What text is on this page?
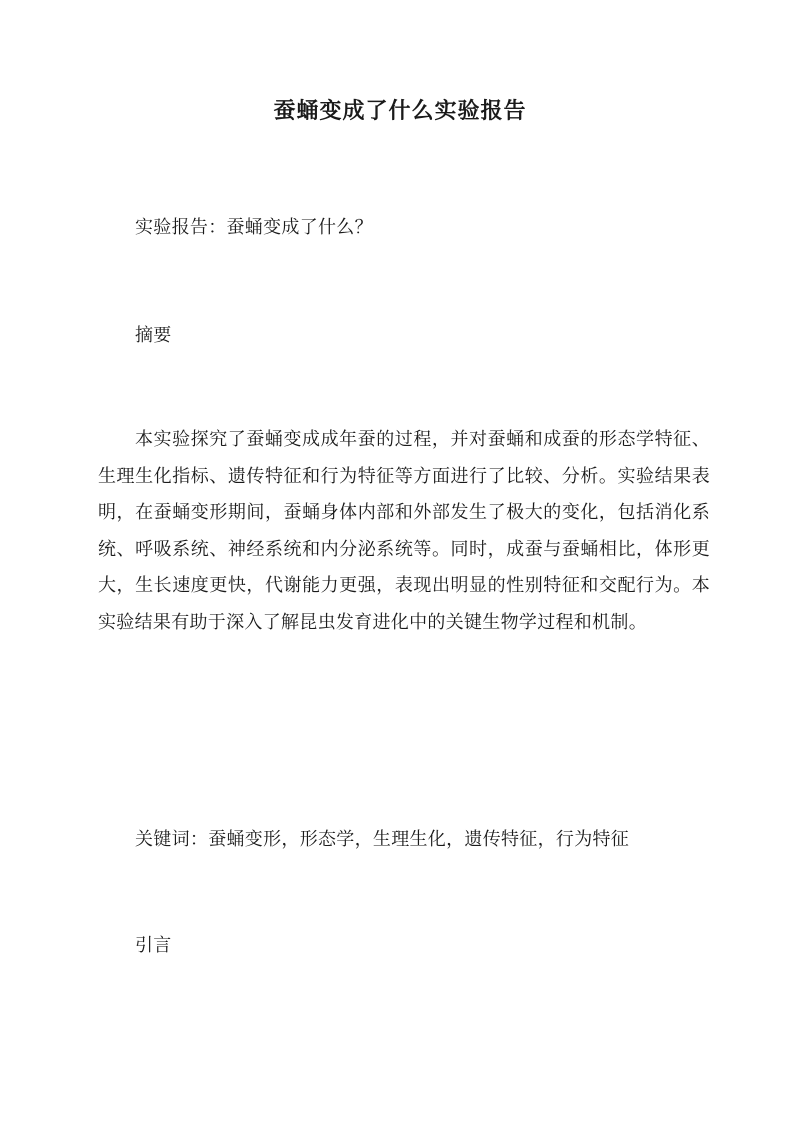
蚕蛹变成了什么实验报告
实验报告：蚕蛹变成了什么？
摘要
本实验探究了蚕蛹变成成年蚕的过程，并对蚕蛹和成蚕的形态学特征、生理生化指标、遗传特征和行为特征等方面进行了比较、分析。实验结果表明，在蚕蛹变形期间，蚕蛹身体内部和外部发生了极大的变化，包括消化系统、呼吸系统、神经系统和内分泌系统等。同时，成蚕与蚕蛹相比，体形更大，生长速度更快，代谢能力更强，表现出明显的性别特征和交配行为。本实验结果有助于深入了解昆虫发育进化中的关键生物学过程和机制。
关键词：蚕蛹变形，形态学，生理生化，遗传特征，行为特征
引言
